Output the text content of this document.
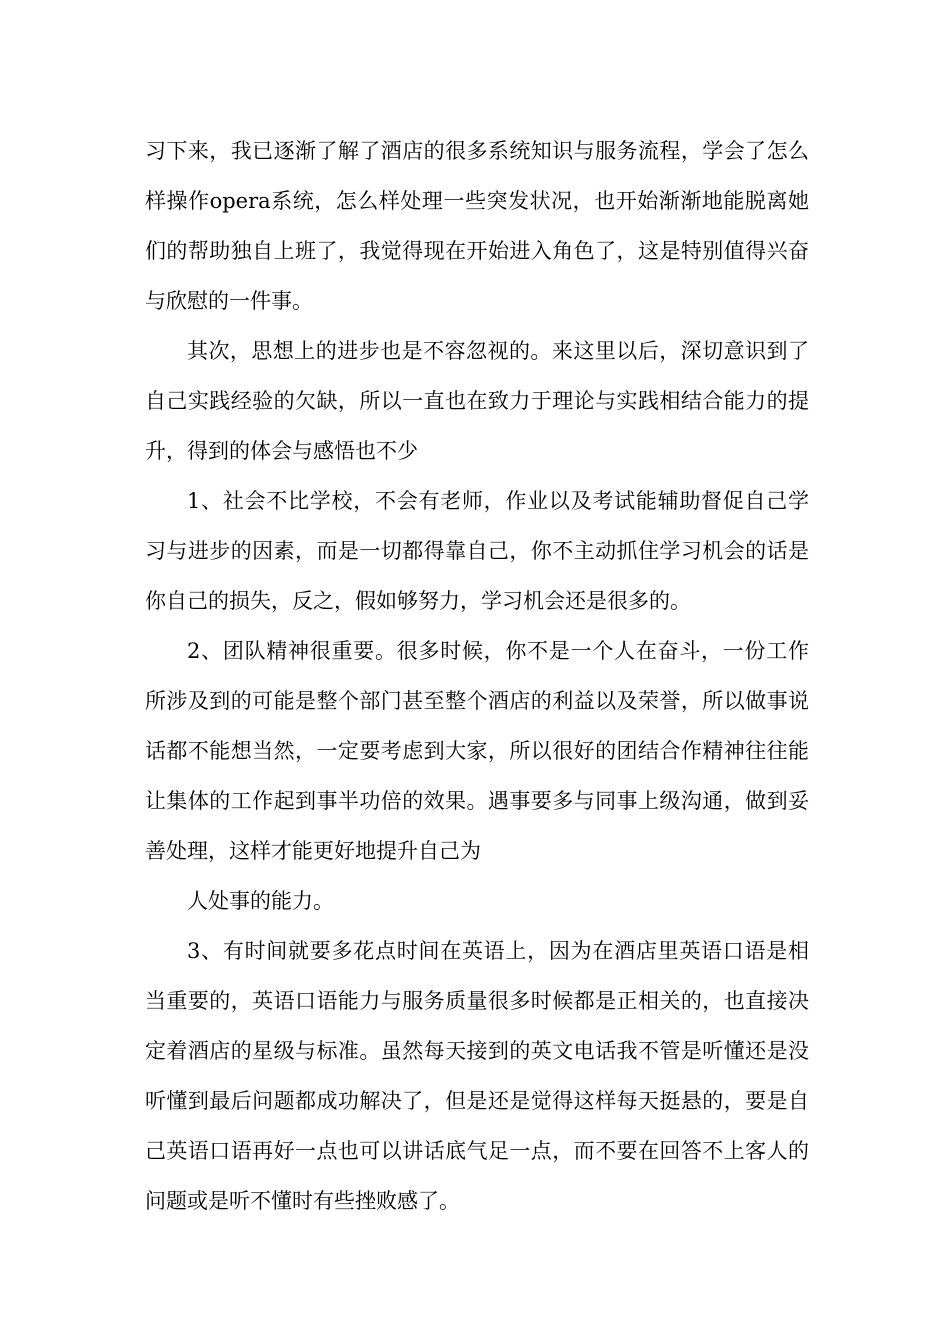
习下来，我已逐渐了解了酒店的很多系统知识与服务流程，学会了怎么样操作opera系统，怎么样处理一些突发状况，也开始渐渐地能脱离她们的帮助独自上班了，我觉得现在开始进入角色了，这是特别值得兴奋与欣慰的一件事。

其次，思想上的进步也是不容忽视的。来这里以后，深切意识到了自己实践经验的欠缺，所以一直也在致力于理论与实践相结合能力的提升，得到的体会与感悟也不少

1、社会不比学校，不会有老师，作业以及考试能辅助督促自己学习与进步的因素，而是一切都得靠自己，你不主动抓住学习机会的话是你自己的损失，反之，假如够努力，学习机会还是很多的。

2、团队精神很重要。很多时候，你不是一个人在奋斗，一份工作所涉及到的可能是整个部门甚至整个酒店的利益以及荣誉，所以做事说话都不能想当然，一定要考虑到大家，所以很好的团结合作精神往往能让集体的工作起到事半功倍的效果。遇事要多与同事上级沟通，做到妥善处理，这样才能更好地提升自己为

人处事的能力。

3、有时间就要多花点时间在英语上，因为在酒店里英语口语是相当重要的，英语口语能力与服务质量很多时候都是正相关的，也直接决定着酒店的星级与标准。虽然每天接到的英文电话我不管是听懂还是没听懂到最后问题都成功解决了，但是还是觉得这样每天挺悬的，要是自己英语口语再好一点也可以讲话底气足一点，而不要在回答不上客人的问题或是听不懂时有些挫败感了。
